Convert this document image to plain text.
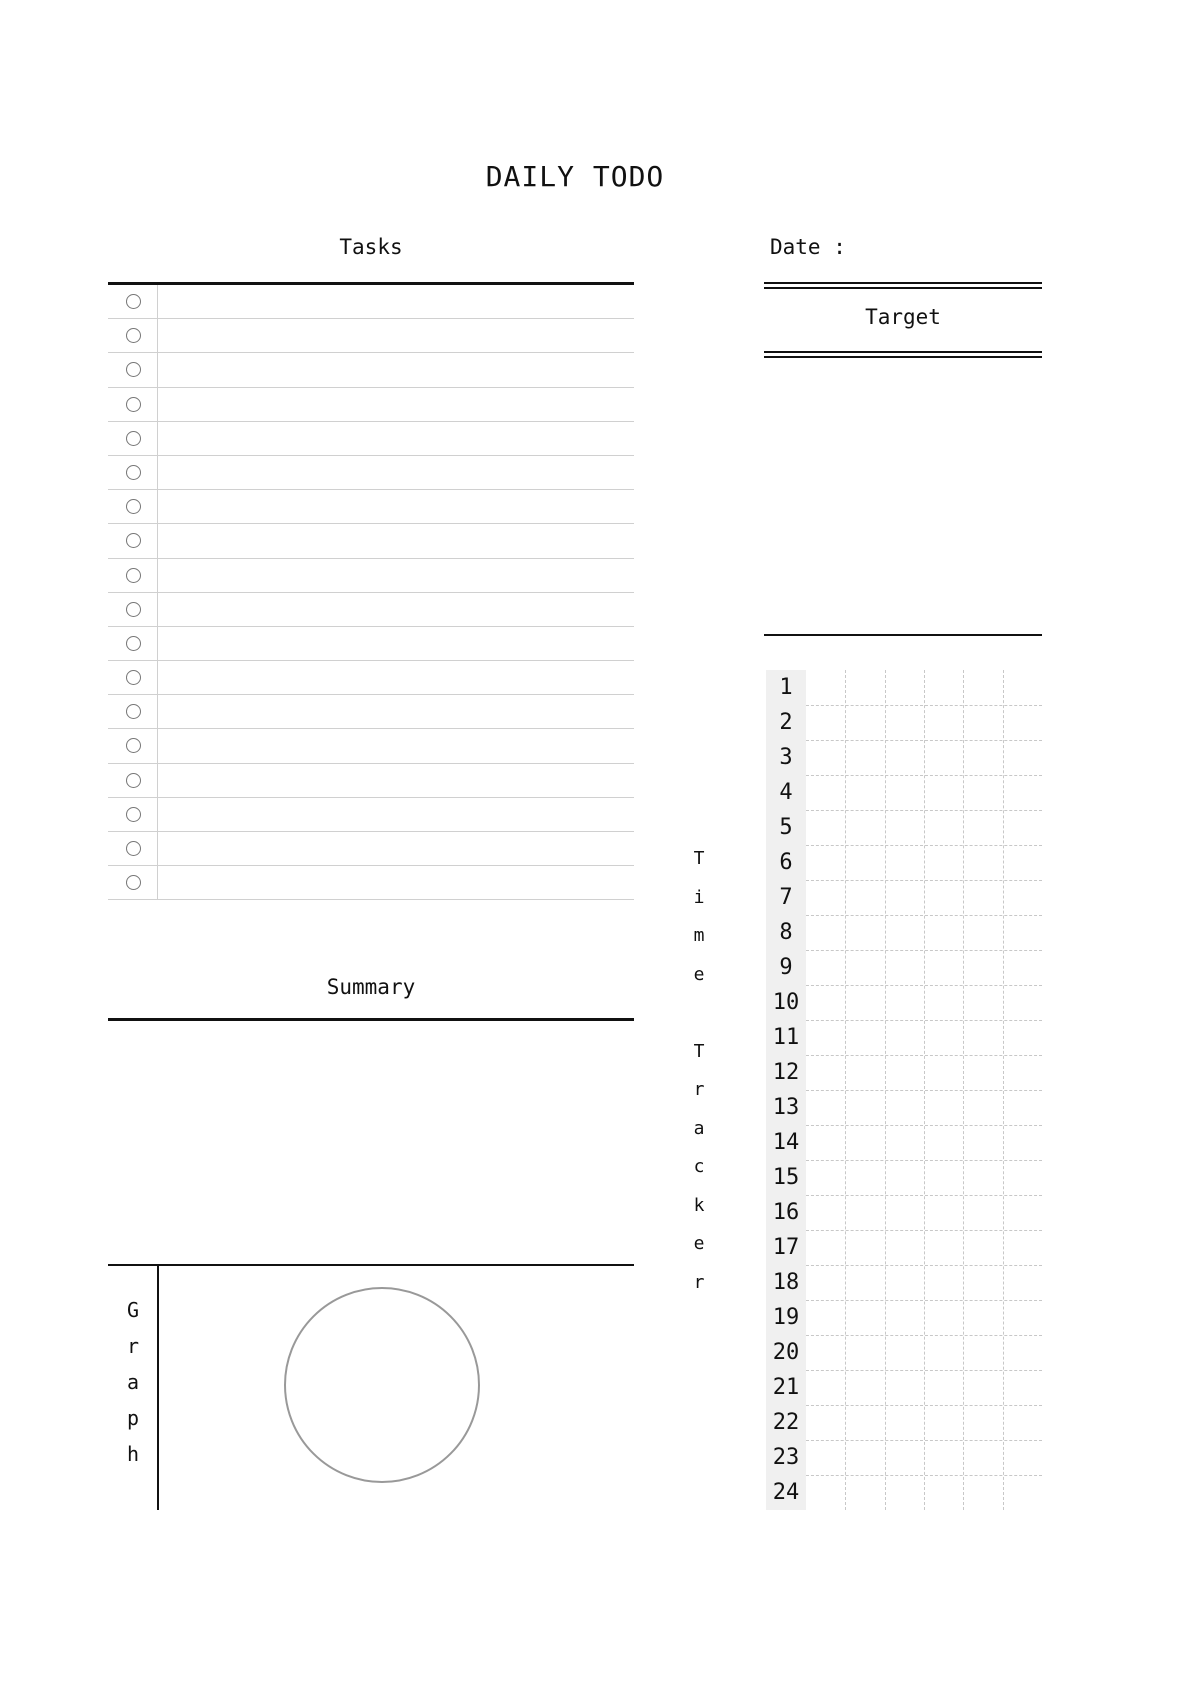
DAILY TODO
Tasks
Summary
G
r
a
p
h
Date :
Target
T
i
m
e

T
r
a
c
k
e
r
1
2
3
4
5
6
7
8
9
10
11
12
13
14
15
16
17
18
19
20
21
22
23
24
